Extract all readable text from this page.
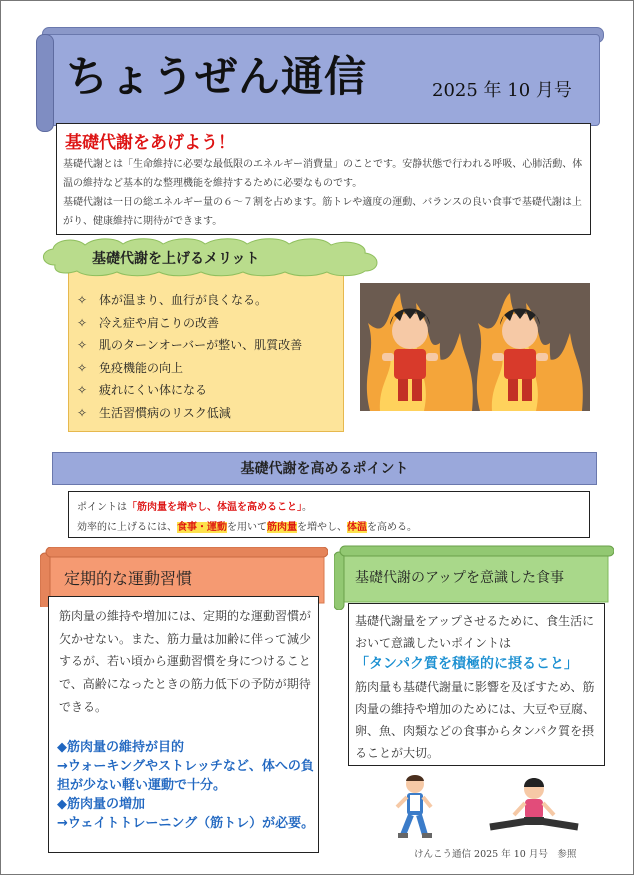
ちょうぜん通信	2025 年 10 月号
基礎代謝をあげよう！

基礎代謝とは「生命維持に必要な最低限のエネルギー消費量」のことです。安静状態で行われる呼吸、心肺活動、体温の維持など基本的な整理機能を維持するために必要なものです。

基礎代謝は一日の総エネルギー量の６～７割を占めます。筋トレや適度の運動、バランスの良い食事で基礎代謝は上がり、健康維持に期待ができます。

✧ 体が温まり、血行が良くなる。
✧ 冷え症や肩こりの改善
✧ 肌のターンオーバーが整い、肌質改善
✧ 免疫機能の向上
✧ 疲れにくい体になる
✧ 生活習慣病のリスク低減
基礎代謝を上げるメリット
基礎代謝を高めるポイント
ポイントは「筋肉量を増やし、体温を高めること」。
効率的に上げるには、食事・運動を用いて筋肉量を増やし、体温を高める。
定期的な運動習慣
筋肉量の維持や増加には、定期的な運動習慣が欠かせない。また、筋力量は加齢に伴って減少するが、若い頃から運動習慣を身につけることで、高齢になったときの筋力低下の予防が期待できる。
◆筋肉量の維持が目的
→ウォーキングやストレッチなど、体への負担が少ない軽い運動で十分。
◆筋肉量の増加
→ウェイトトレーニング（筋トレ）が必要。
基礎代謝のアップを意識した食事
基礎代謝量をアップさせるために、食生活において意識したいポイントは
「タンパク質を積極的に摂ること」
筋肉量も基礎代謝量に影響を及ぼすため、筋肉量の維持や増加のためには、大豆や豆腐、卵、魚、肉類などの食事からタンパク質を摂ることが大切。
けんこう通信 2025 年 10 月号　参照
